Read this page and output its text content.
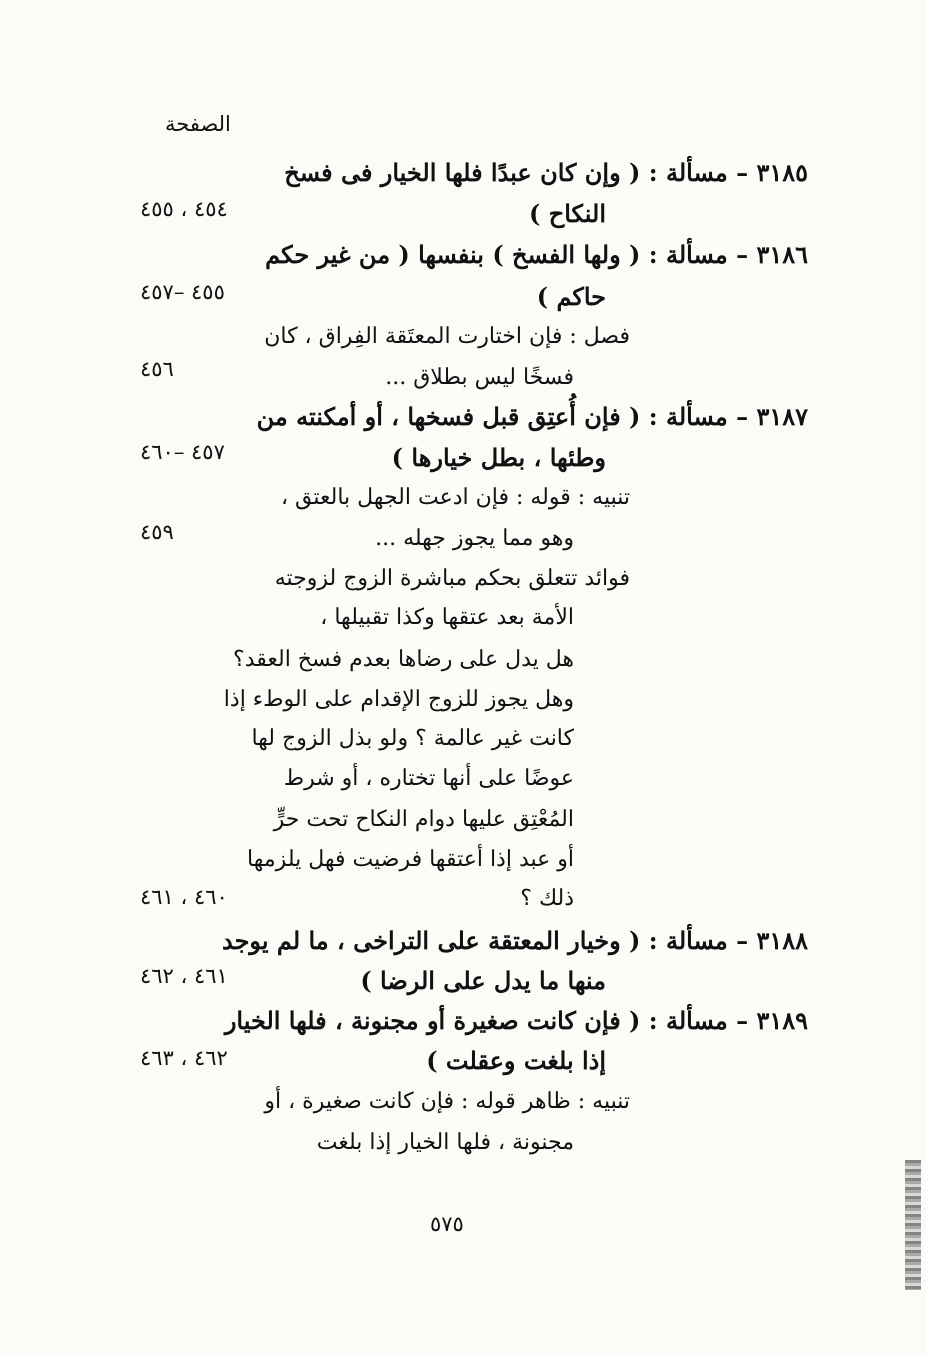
الصفحة
٣١٨٥ – مسألة : ( وإن كان عبدًا فلها الخيار فى فسخ
النكاح )
٣١٨٦ – مسألة : ( ولها الفسخ ) بنفسها ( من غير حكم
حاكم )
فصل : فإن اختارت المعتَقة الفِراق ، كان
فسخًا ليس بطلاق ...
٣١٨٧ – مسألة : ( فإن أُعتِق قبل فسخها ، أو أمكنته من
وطئها ، بطل خيارها )
تنبيه : قوله : فإن ادعت الجهل بالعتق ،
وهو مما يجوز جهله ...
فوائد تتعلق بحكم مباشرة الزوج لزوجته
الأمة بعد عتقها وكذا تقبيلها ،
هل يدل على رضاها بعدم فسخ العقد؟
وهل يجوز للزوج الإقدام على الوطء إذا
كانت غير عالمة ؟ ولو بذل الزوج لها
عوضًا على أنها تختاره ، أو شرط
المُعْتِق عليها دوام النكاح تحت حرٍّ
أو عبد إذا أعتقها فرضيت فهل يلزمها
ذلك ؟
٣١٨٨ – مسألة : ( وخيار المعتقة على التراخى ، ما لم يوجد
منها ما يدل على الرضا )
٣١٨٩ – مسألة : ( فإن كانت صغيرة أو مجنونة ، فلها الخيار
إذا بلغت وعقلت )
تنبيه : ظاهر قوله : فإن كانت صغيرة ، أو
مجنونة ، فلها الخيار إذا بلغت
٤٥٤ ، ٤٥٥
٤٥٥ –٤٥٧
٤٥٦
٤٥٧ –٤٦٠
٤٥٩
٤٦٠ ، ٤٦١
٤٦١ ، ٤٦٢
٤٦٢ ، ٤٦٣
٥٧٥
